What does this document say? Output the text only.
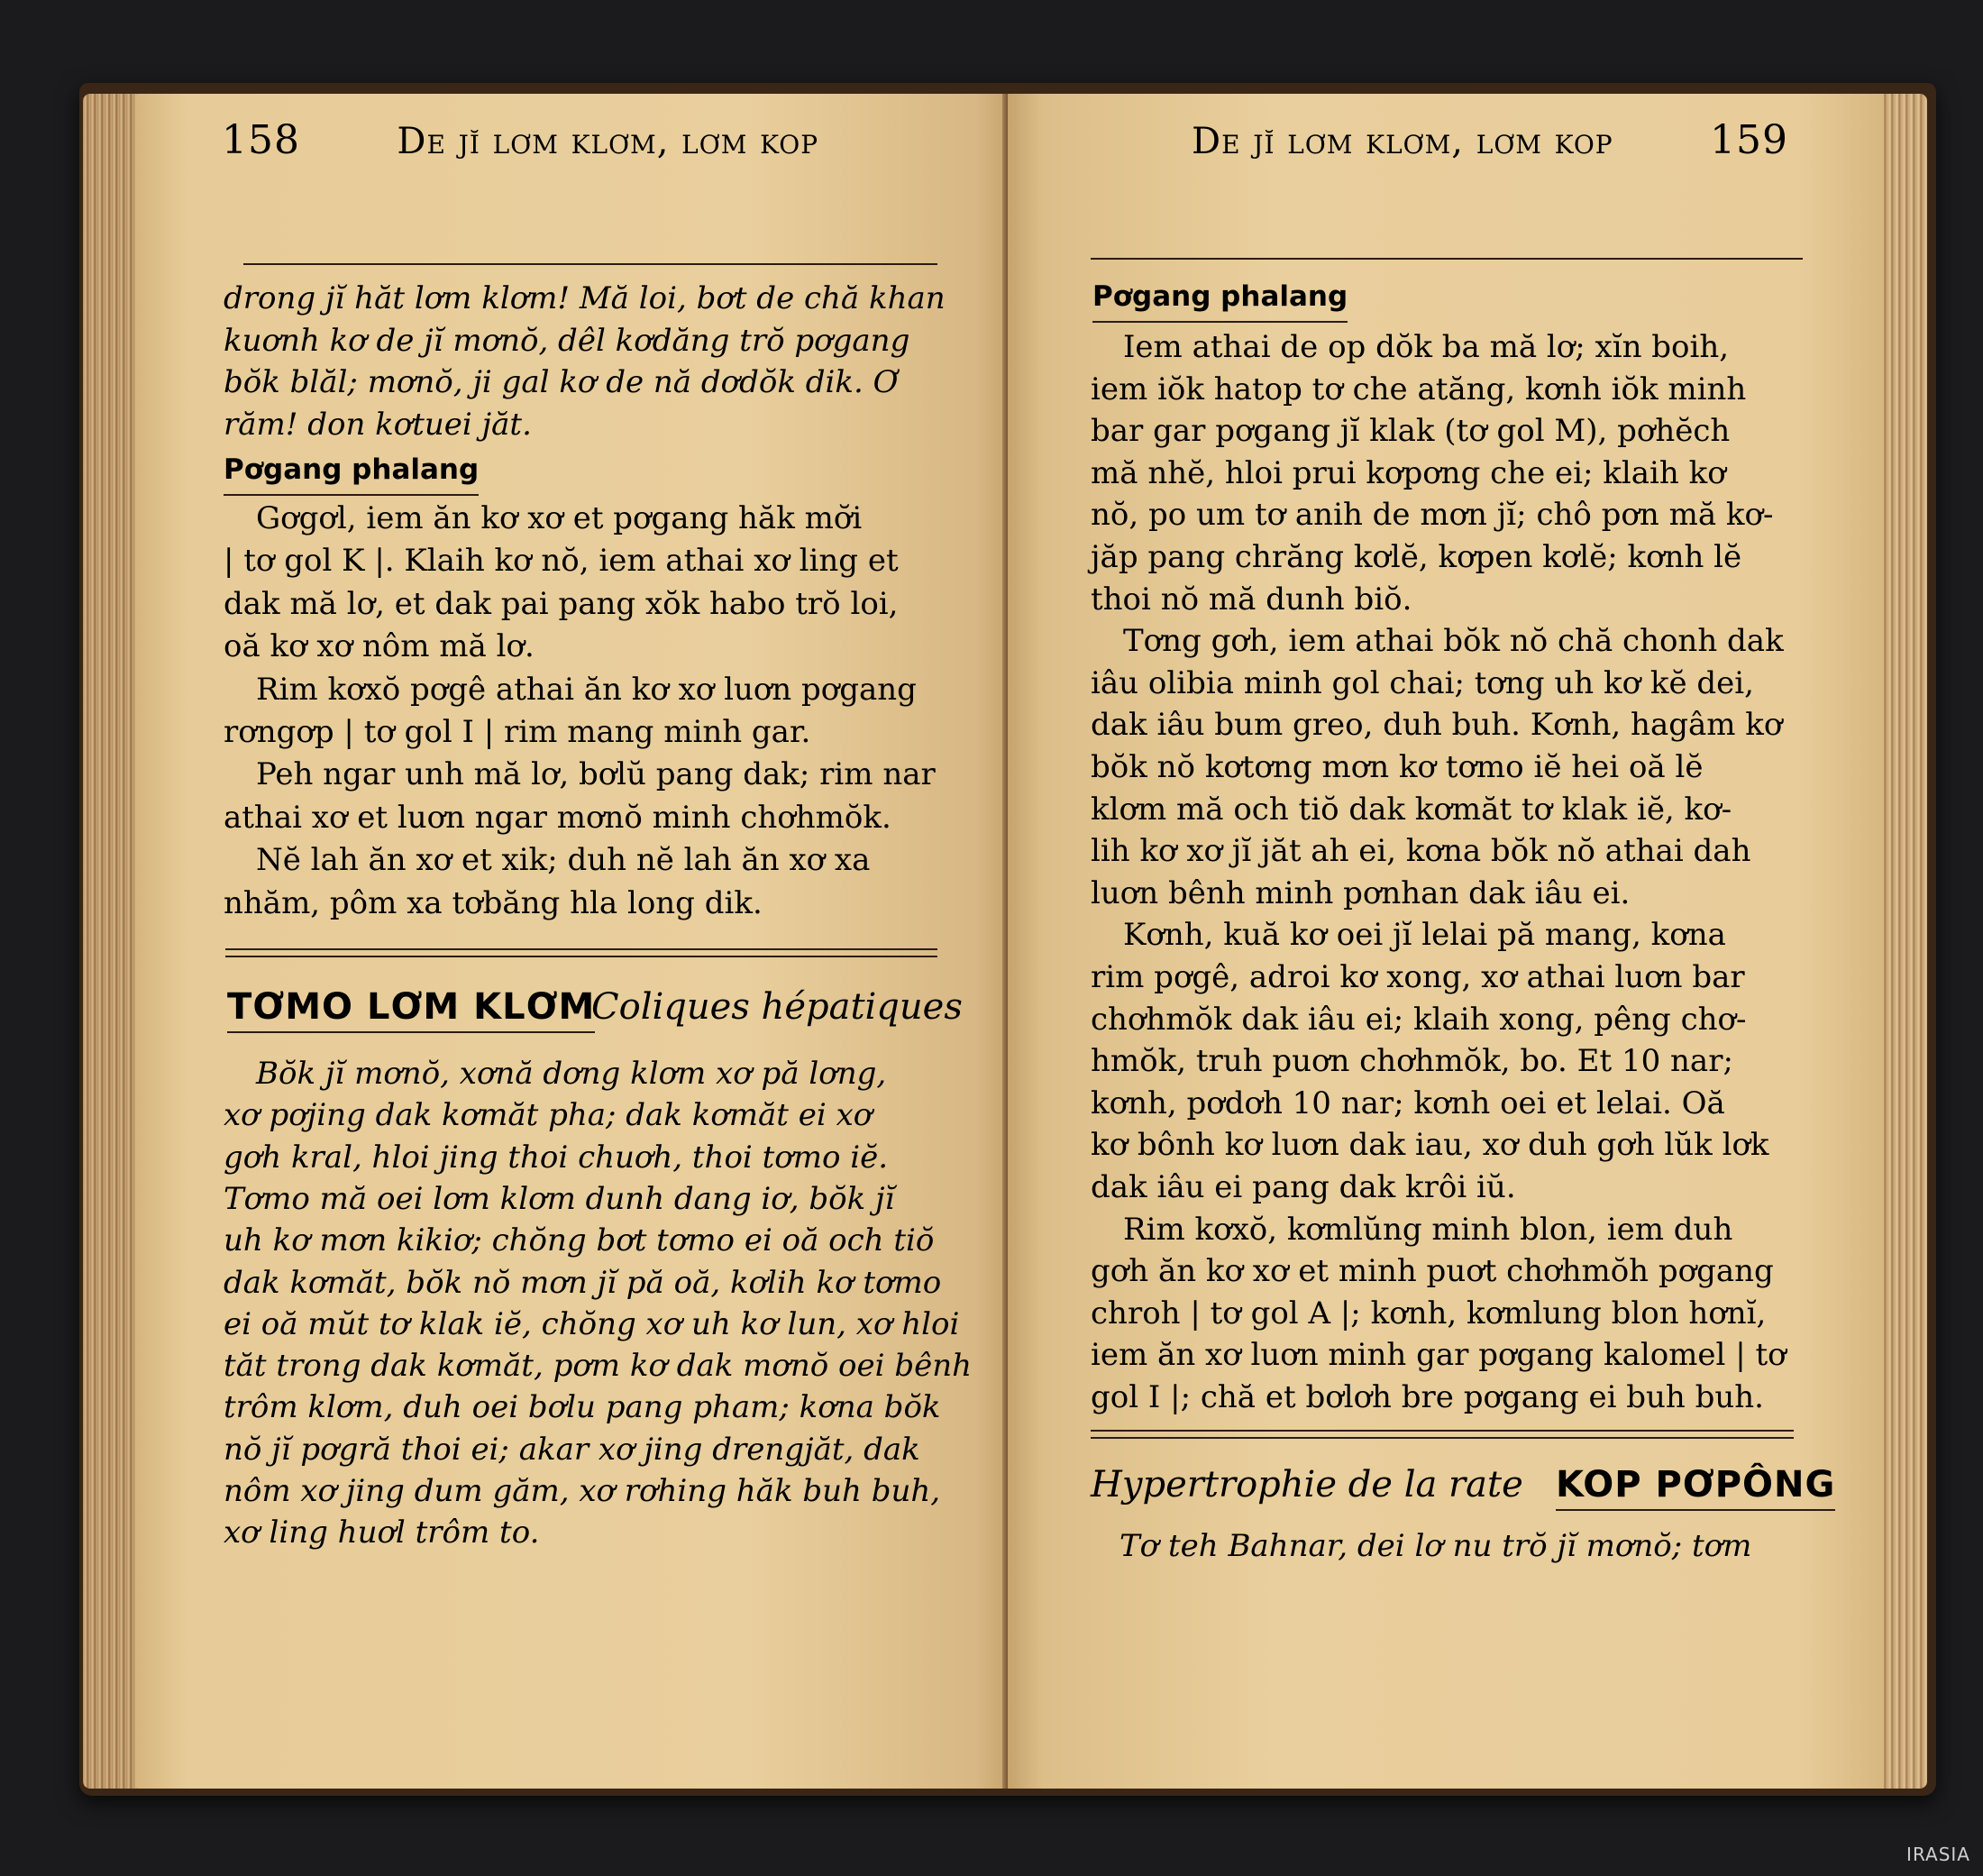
158	De jĭ lơm klơm, lơm kop
drong jĭ hăt lơm klơm! Mă loi, bơt de chă khan
kuơnh kơ de jĭ mơnŏ, dêl kơdăng trŏ pơgang
bŏk blăl; mơnŏ, ji gal kơ de nă dơdŏk dik. Ơ
răm! don kơtuei jăt.
Pơgang phalang
Gơgơl, iem ăn kơ xơ et pơgang hăk mơ̆i
| tơ gol K |. Klaih kơ nŏ, iem athai xơ ling et
dak mă lơ, et dak pai pang xŏk habo trŏ loi,
oă kơ xơ nôm mă lơ.
Rim kơxŏ pơgê athai ăn kơ xơ luơn pơgang
rơngơp | tơ gol I | rim mang minh gar.
Peh ngar unh mă lơ, bơlŭ pang dak; rim nar
athai xơ et luơn ngar mơnŏ minh chơhmŏk.
Nĕ lah ăn xơ et xik; duh nĕ lah ăn xơ xa
nhăm, pôm xa tơbăng hla long dik.
TƠMO LƠM KLƠM
Coliques hépatiques
Bŏk jĭ mơnŏ, xơnă dơng klơm xơ pă lơng,
xơ pơjing dak kơmăt pha; dak kơmăt ei xơ
gơh kral, hloi jing thoi chuơh, thoi tơmo iĕ.
Tơmo mă oei lơm klơm dunh dang iơ, bŏk jĭ
uh kơ mơn kikiơ; chŏng bơt tơmo ei oă och tiŏ
dak kơmăt, bŏk nŏ mơn jĭ pă oă, kơlih kơ tơmo
ei oă mŭt tơ klak iĕ, chŏng xơ uh kơ lun, xơ hloi
tăt trong dak kơmăt, pơm kơ dak mơnŏ oei bênh
trôm klơm, duh oei bơlu pang pham; kơna bŏk
nŏ jĭ pơgră thoi ei; akar xơ jing drengjăt, dak
nôm xơ jing dum găm, xơ rơhing hăk buh buh,
xơ ling huơl trôm to.
De jĭ lơm klơm, lơm kop 159
Pơgang phalang
Iem athai de op dŏk ba mă lơ; xĭn boih,
iem iŏk hatop tơ che atăng, kơnh iŏk minh
bar gar pơgang jĭ klak (tơ gol M), pơhĕch
mă nhĕ, hloi prui kơpơng che ei; klaih kơ
nŏ, po um tơ anih de mơn jĭ; chô pơn mă kơ-
jăp pang chrăng kơlĕ, kơpen kơlĕ; kơnh lĕ
thoi nŏ mă dunh biŏ.
Tơng gơh, iem athai bŏk nŏ chă chonh dak
iâu olibia minh gol chai; tơng uh kơ kĕ dei,
dak iâu bum greo, duh buh. Kơnh, hagâm kơ
bŏk nŏ kơtơng mơn kơ tơmo iĕ hei oă lĕ
klơm mă och tiŏ dak kơmăt tơ klak iĕ, kơ-
lih kơ xơ jĭ jăt ah ei, kơna bŏk nŏ athai dah
luơn bênh minh pơnhan dak iâu ei.
Kơnh, kuă kơ oei jĭ lelai pă mang, kơna
rim pơgê, adroi kơ xong, xơ athai luơn bar
chơhmŏk dak iâu ei; klaih xong, pêng chơ-
hmŏk, truh puơn chơhmŏk, bo. Et 10 nar;
kơnh, pơdơh 10 nar; kơnh oei et lelai. Oă
kơ bônh kơ luơn dak iau, xơ duh gơh lŭk lơk
dak iâu ei pang dak krôi iŭ.
Rim kơxŏ, kơmlŭng minh blon, iem duh
gơh ăn kơ xơ et minh puơt chơhmŏh pơgang
chroh | tơ gol A |; kơnh, kơmlung blon hơnĭ,
iem ăn xơ luơn minh gar pơgang kalomel | tơ
gol I |; chă et bơlơh bre pơgang ei buh buh.
Hypertrophie de la rate KOP PƠPÔNG
Tơ teh Bahnar, dei lơ nu trŏ jĭ mơnŏ; tơm
IRASIA
